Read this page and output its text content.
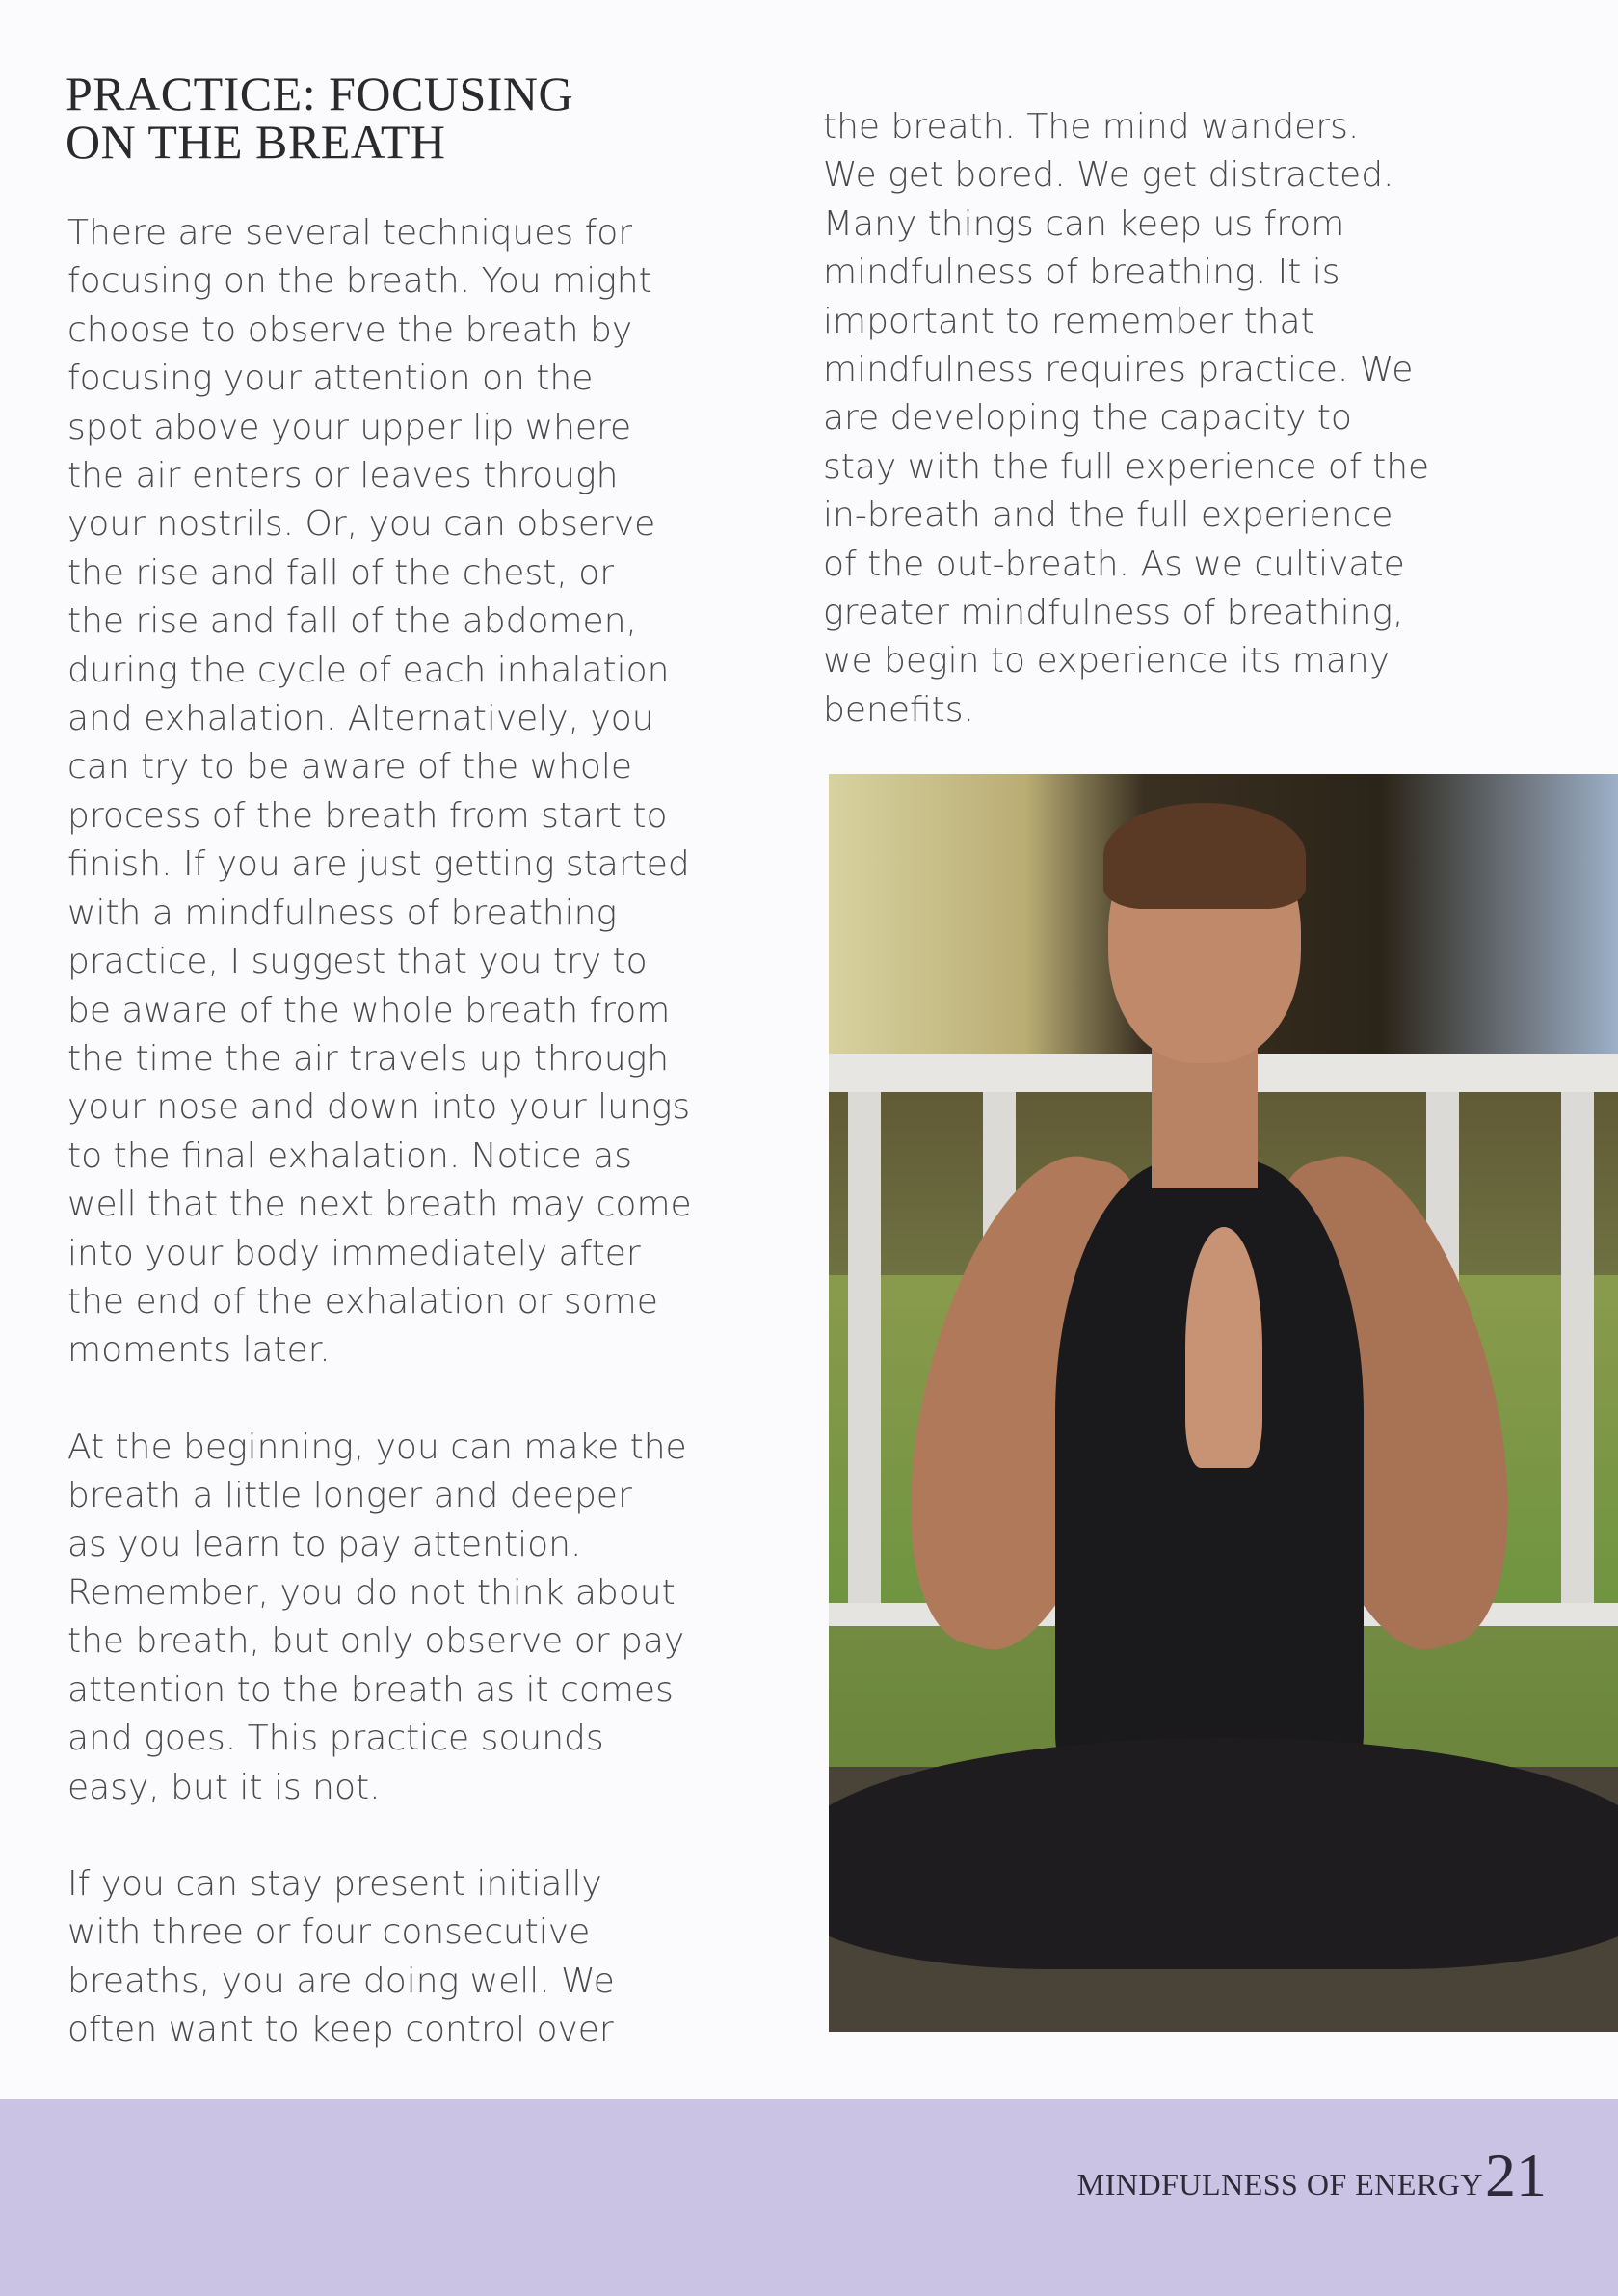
PRACTICE: FOCUSING
ON THE BREATH

There are several techniques for
focusing on the breath. You might
choose to observe the breath by
focusing your attention on the
spot above your upper lip where
the air enters or leaves through
your nostrils. Or, you can observe
the rise and fall of the chest, or
the rise and fall of the abdomen,
during the cycle of each inhalation
and exhalation. Alternatively, you
can try to be aware of the whole
process of the breath from start to
finish. If you are just getting started
with a mindfulness of breathing
practice, I suggest that you try to
be aware of the whole breath from
the time the air travels up through
your nose and down into your lungs
to the final exhalation. Notice as
well that the next breath may come
into your body immediately after
the end of the exhalation or some
moments later.

At the beginning, you can make the
breath a little longer and deeper
as you learn to pay attention.
Remember, you do not think about
the breath, but only observe or pay
attention to the breath as it comes
and goes. This practice sounds
easy, but it is not.

If you can stay present initially
with three or four consecutive
breaths, you are doing well. We
often want to keep control over

the breath. The mind wanders.
We get bored. We get distracted.
Many things can keep us from
mindfulness of breathing. It is
important to remember that
mindfulness requires practice. We
are developing the capacity to
stay with the full experience of the
in-breath and the full experience
of the out-breath. As we cultivate
greater mindfulness of breathing,
we begin to experience its many
benefits.

MINDFULNESS OF ENERGY 21
